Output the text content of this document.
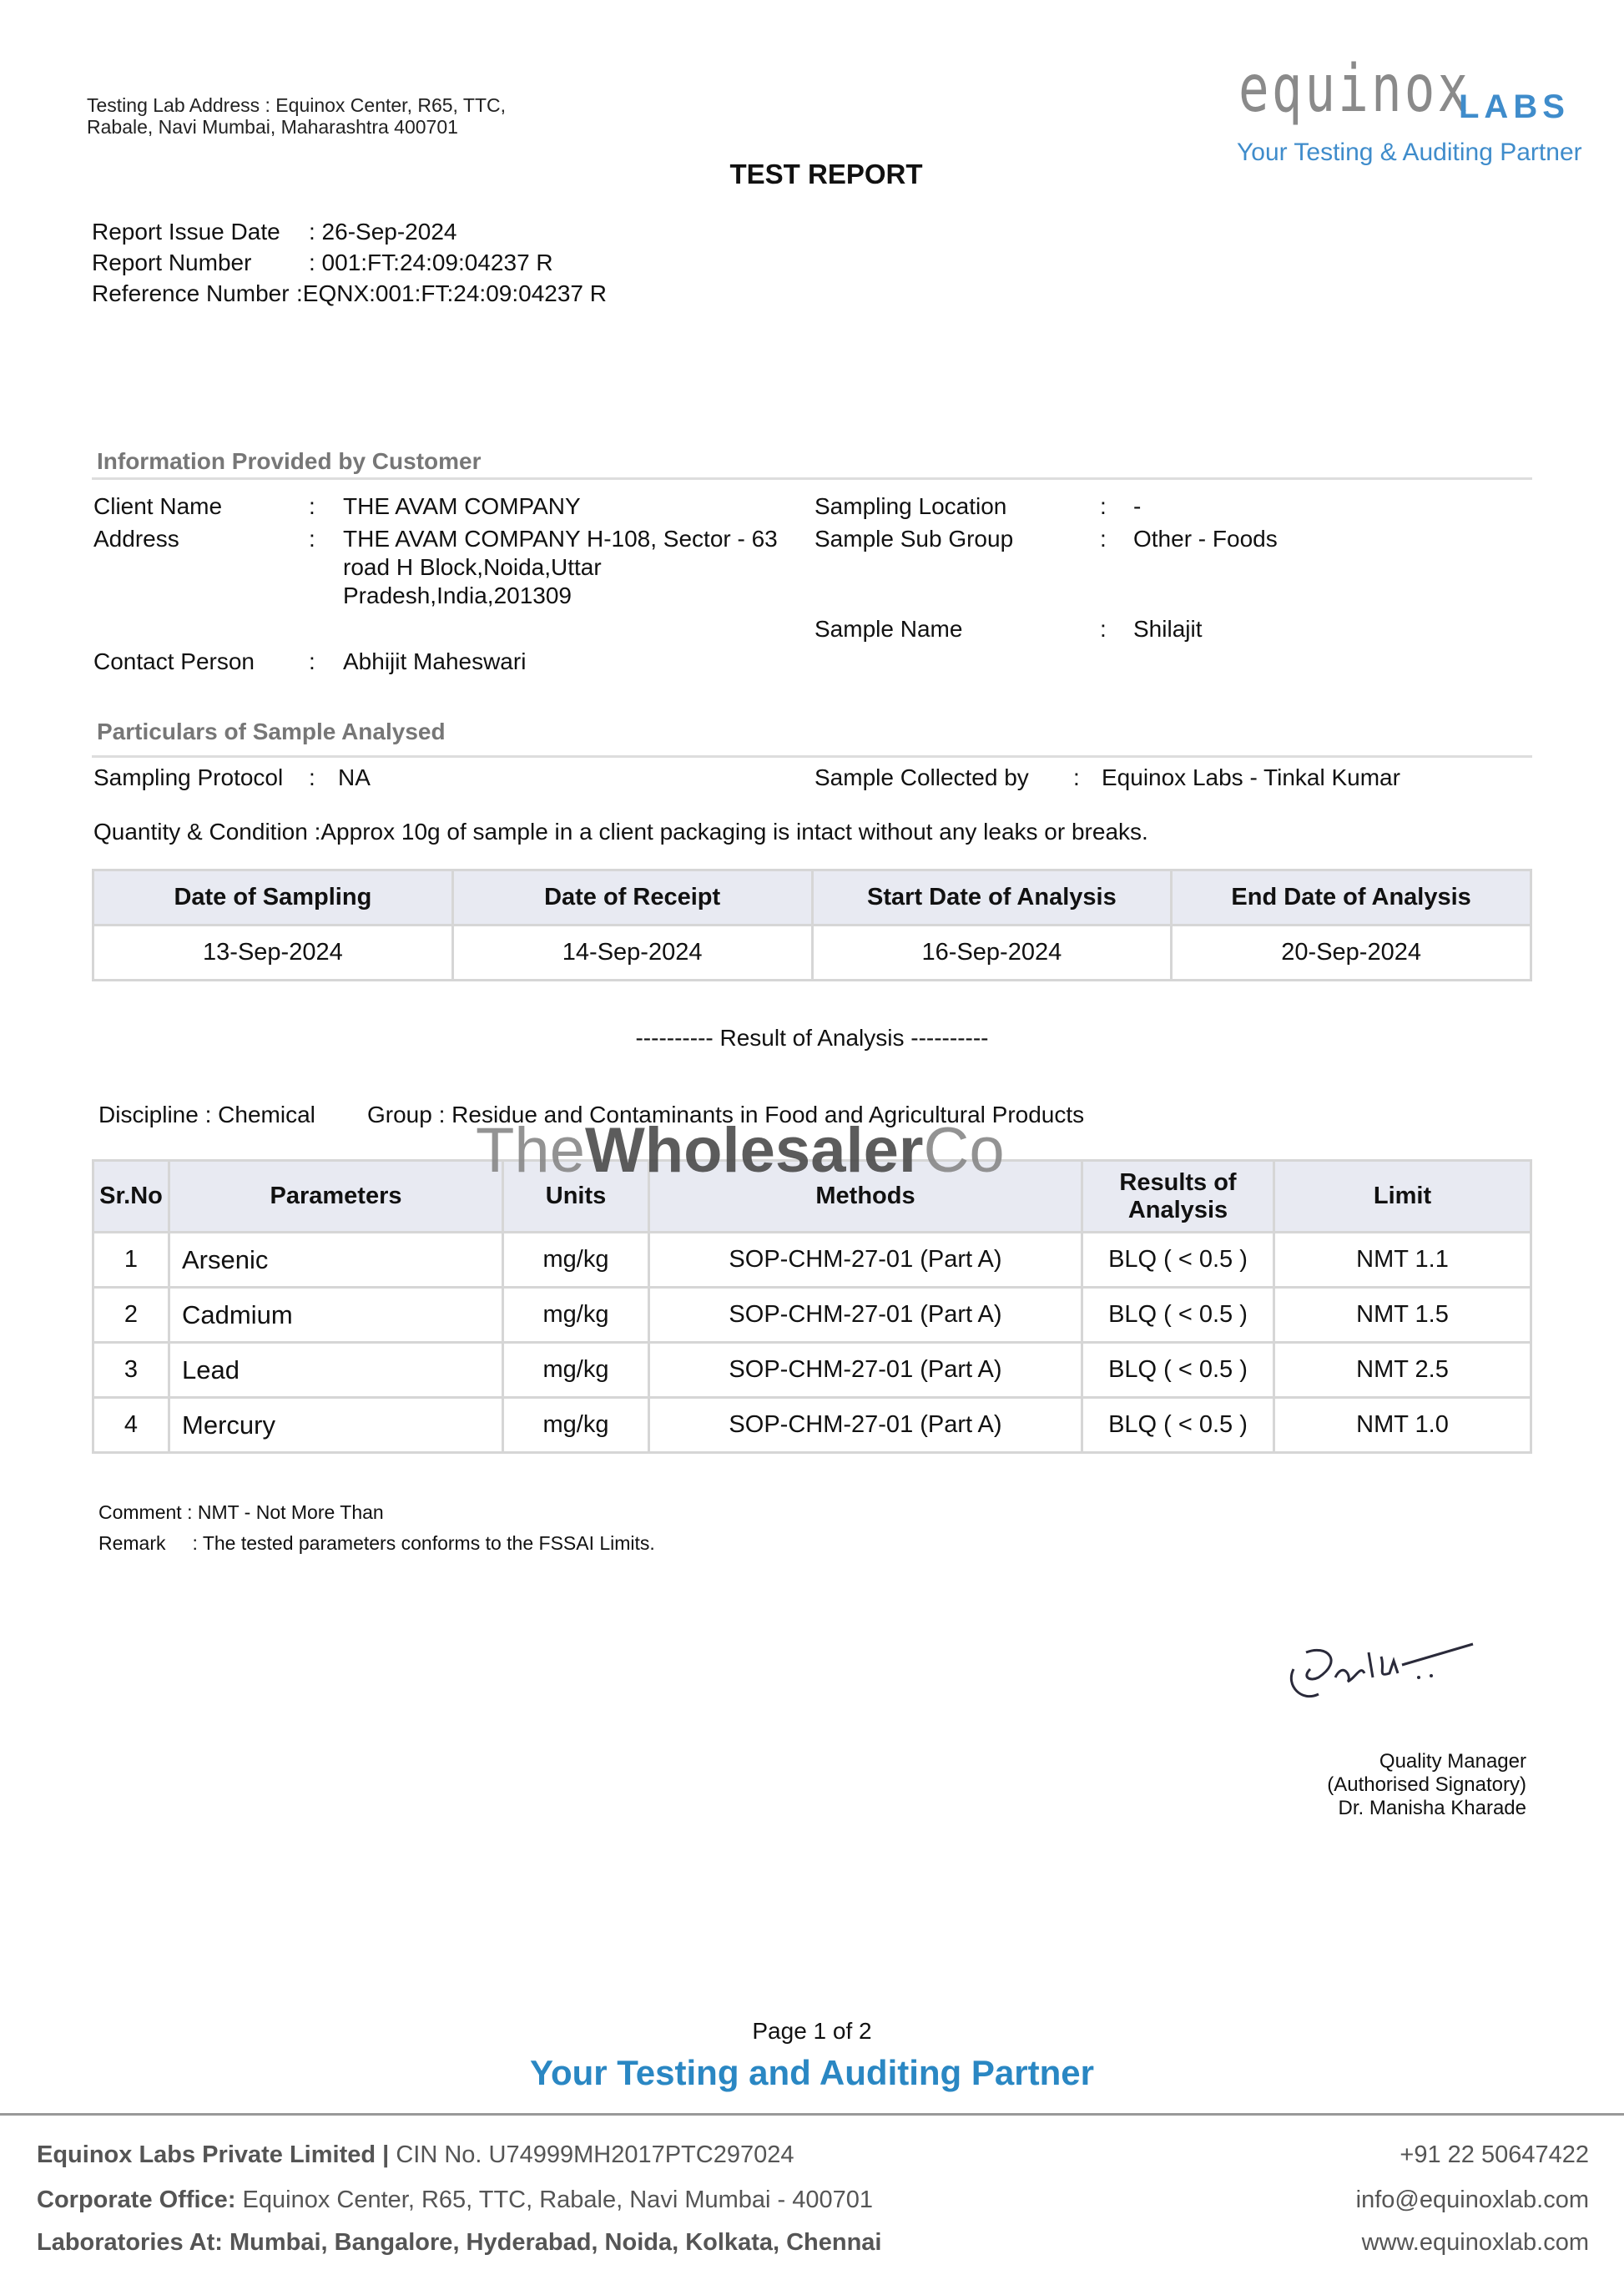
Testing Lab Address : Equinox Center, R65, TTC, Rabale, Navi Mumbai, Maharashtra 400701
TEST REPORT
equinox
LABS
Your Testing & Auditing Partner
Report Issue Date : 26-Sep-2024
Report Number : 001:FT:24:09:04237 R
Reference Number :EQNX:001:FT:24:09:04237 R
Information Provided by Customer
Client Name	: THE AVAM COMPANY
Address	: THE AVAM COMPANY H-108, Sector - 63
road H Block,Noida,Uttar
Pradesh,India,201309
Contact Person : Abhijit Maheswari
Sampling Location	: -
Sample Sub Group	: Other - Foods
Sample Name	: Shilajit
Particulars of Sample Analysed
Sampling Protocol : NA	Sample Collected by : Equinox Labs - Tinkal Kumar
Quantity & Condition :Approx 10g of sample in a client packaging is intact without any leaks or breaks.
Date of Sampling	Date of Receipt	Start Date of Analysis	End Date of Analysis
13-Sep-2024	14-Sep-2024	16-Sep-2024	20-Sep-2024
---------- Result of Analysis ----------
Discipline : Chemical Group : Residue and Contaminants in Food and Agricultural Products
Sr.No	Parameters	Units	Methods	Results of Analysis	Limit
1	Arsenic	mg/kg	SOP-CHM-27-01 (Part A)	BLQ ( < 0.5 )	NMT 1.1
2	Cadmium	mg/kg	SOP-CHM-27-01 (Part A)	BLQ ( < 0.5 )	NMT 1.5
3	Lead	mg/kg	SOP-CHM-27-01 (Part A)	BLQ ( < 0.5 )	NMT 2.5
4	Mercury	mg/kg	SOP-CHM-27-01 (Part A)	BLQ ( < 0.5 )	NMT 1.0
TheWholesalerCo
Comment : NMT - Not More Than
Remark     : The tested parameters conforms to the FSSAI Limits.
Quality Manager
(Authorised Signatory)
Dr. Manisha Kharade
Page 1 of 2
Your Testing and Auditing Partner
Equinox Labs Private Limited | CIN No. U74999MH2017PTC297024
Corporate Office: Equinox Center, R65, TTC, Rabale, Navi Mumbai - 400701
Laboratories At: Mumbai, Bangalore, Hyderabad, Noida, Kolkata, Chennai
+91 22 50647422
info@equinoxlab.com
www.equinoxlab.com
